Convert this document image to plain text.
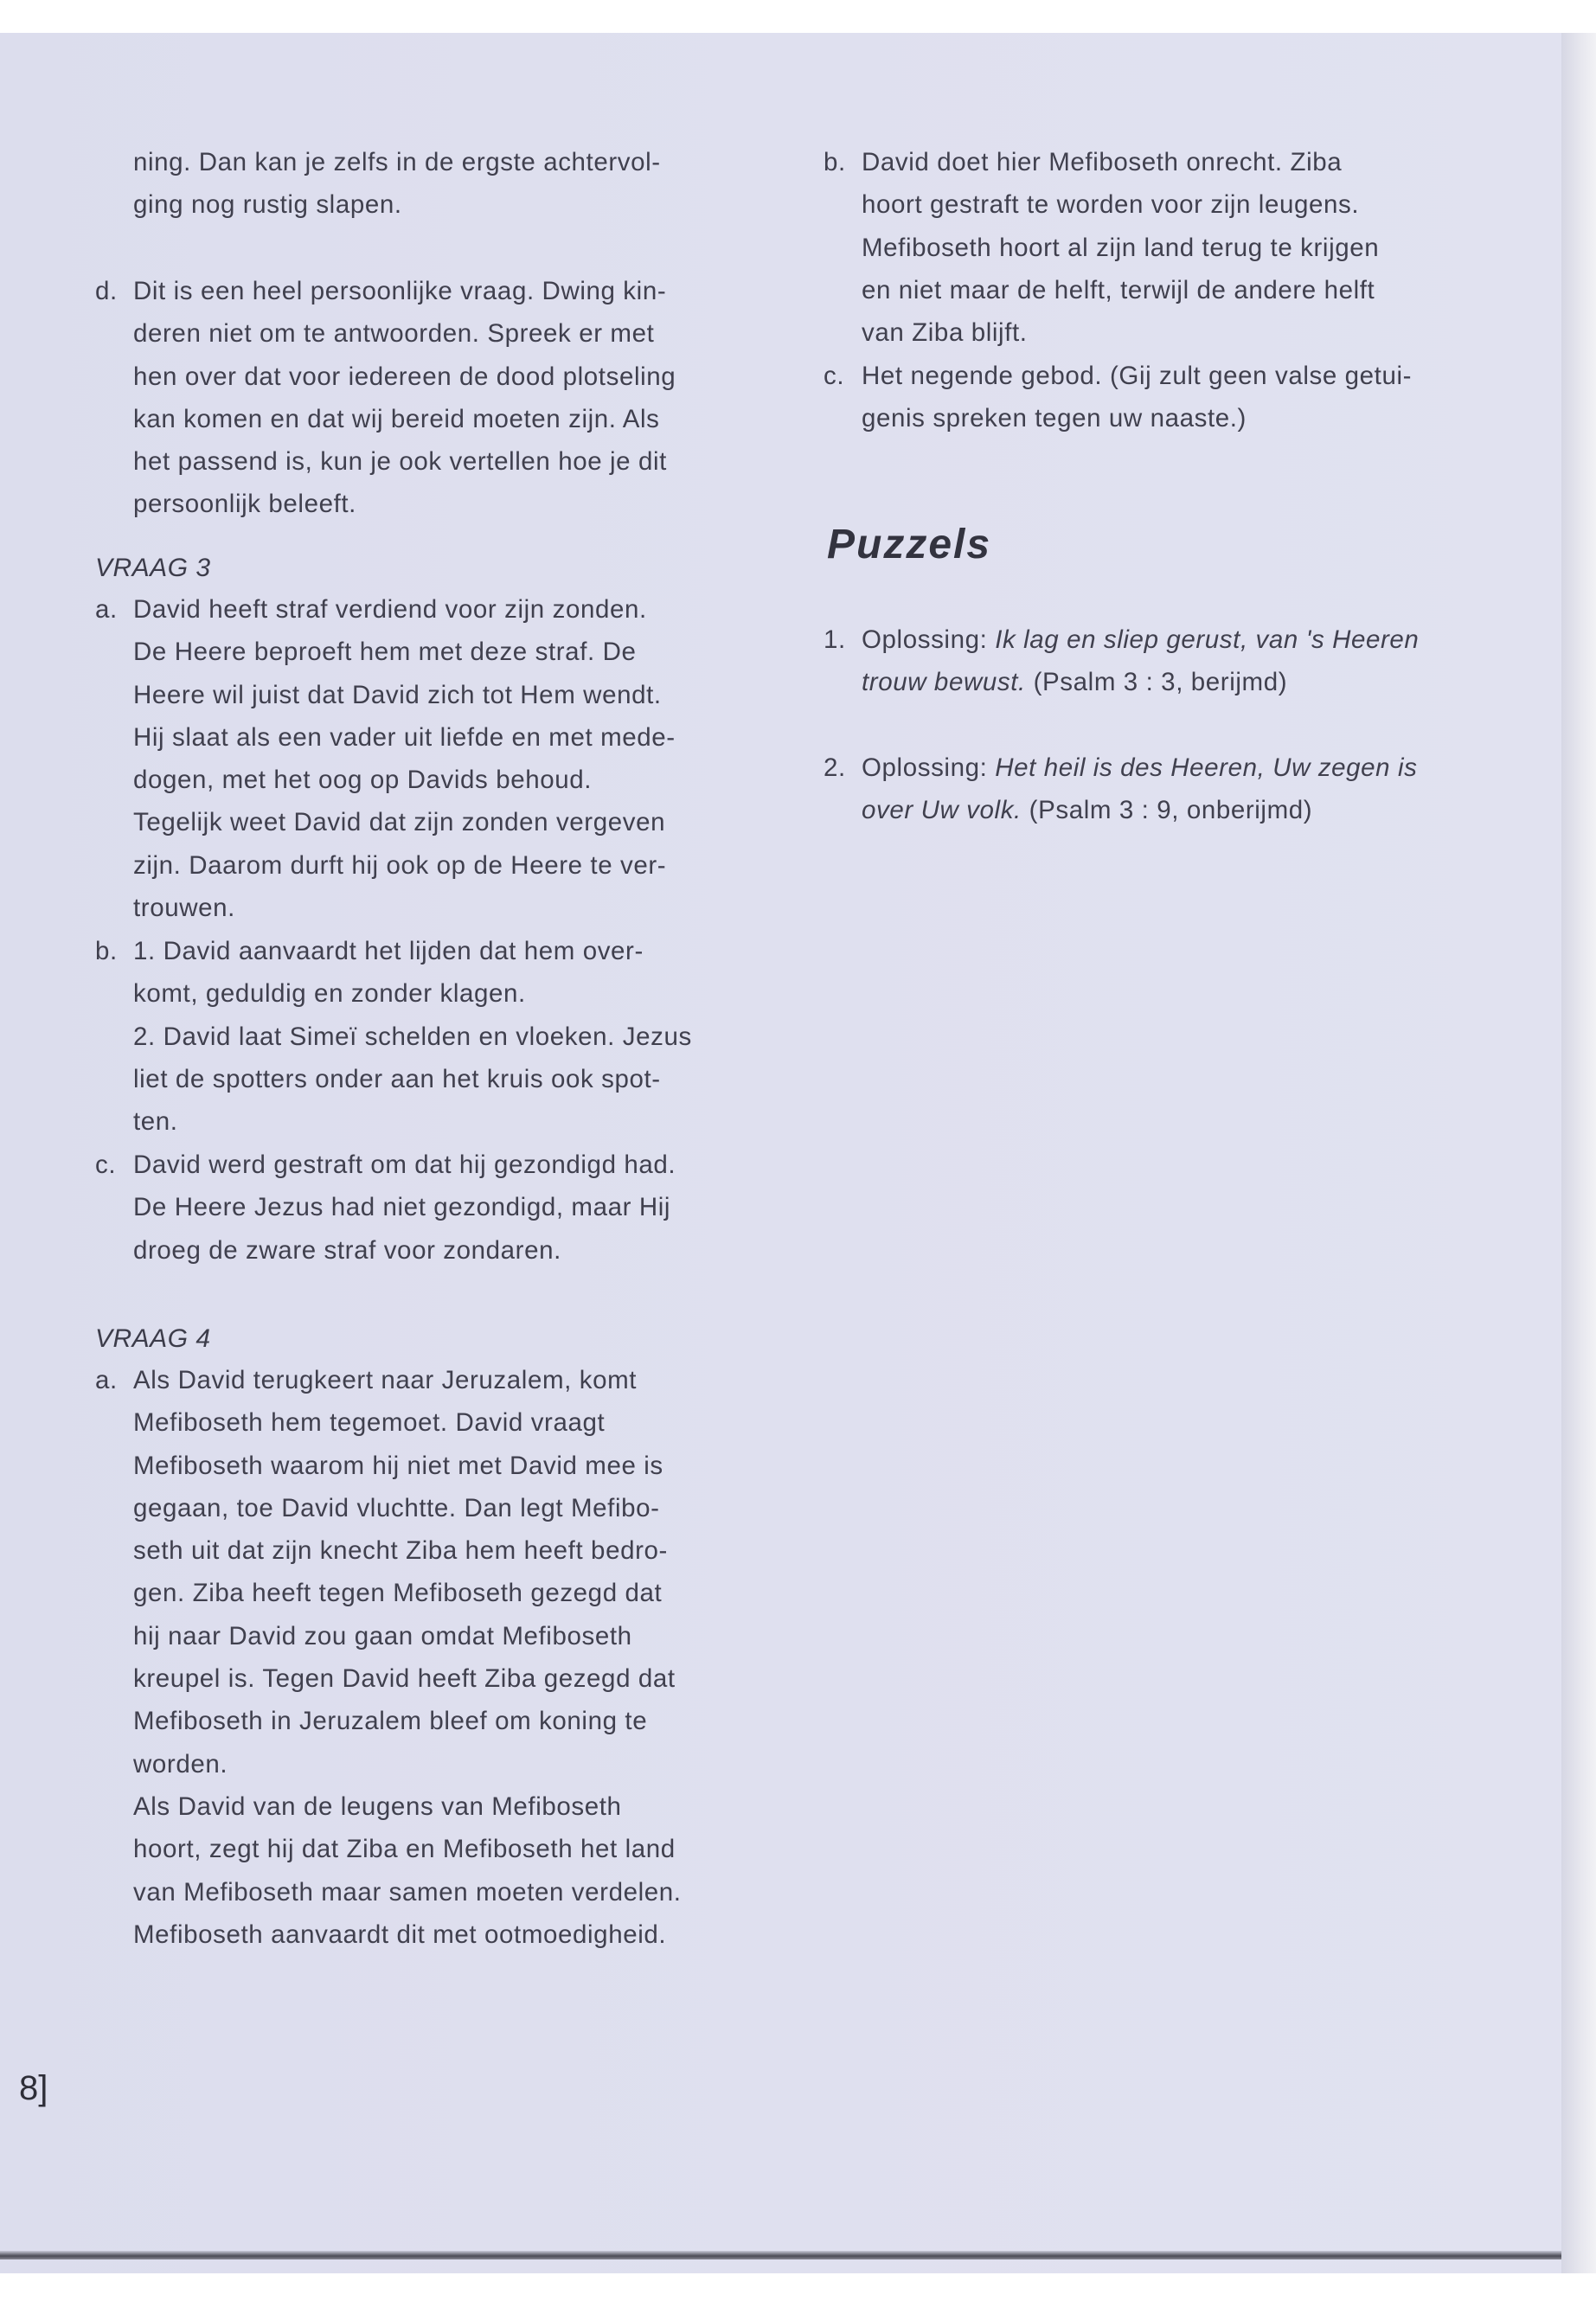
ning. Dan kan je zelfs in de ergste achtervol-
ging nog rustig slapen.
d. Dit is een heel persoonlijke vraag. Dwing kin-
deren niet om te antwoorden. Spreek er met
hen over dat voor iedereen de dood plotseling
kan komen en dat wij bereid moeten zijn. Als
het passend is, kun je ook vertellen hoe je dit
persoonlijk beleeft.
VRAAG 3
a. David heeft straf verdiend voor zijn zonden.
De Heere beproeft hem met deze straf. De
Heere wil juist dat David zich tot Hem wendt.
Hij slaat als een vader uit liefde en met mede-
dogen, met het oog op Davids behoud.
Tegelijk weet David dat zijn zonden vergeven
zijn. Daarom durft hij ook op de Heere te ver-
trouwen.
b. 1. David aanvaardt het lijden dat hem over-
komt, geduldig en zonder klagen.
2. David laat Simeï schelden en vloeken. Jezus
liet de spotters onder aan het kruis ook spot-
ten.
c. David werd gestraft om dat hij gezondigd had.
De Heere Jezus had niet gezondigd, maar Hij
droeg de zware straf voor zondaren.
VRAAG 4
a. Als David terugkeert naar Jeruzalem, komt
Mefiboseth hem tegemoet. David vraagt
Mefiboseth waarom hij niet met David mee is
gegaan, toe David vluchtte. Dan legt Mefibo-
seth uit dat zijn knecht Ziba hem heeft bedro-
gen. Ziba heeft tegen Mefiboseth gezegd dat
hij naar David zou gaan omdat Mefiboseth
kreupel is. Tegen David heeft Ziba gezegd dat
Mefiboseth in Jeruzalem bleef om koning te
worden.
Als David van de leugens van Mefiboseth
hoort, zegt hij dat Ziba en Mefiboseth het land
van Mefiboseth maar samen moeten verdelen.
Mefiboseth aanvaardt dit met ootmoedigheid.
b. David doet hier Mefiboseth onrecht. Ziba
hoort gestraft te worden voor zijn leugens.
Mefiboseth hoort al zijn land terug te krijgen
en niet maar de helft, terwijl de andere helft
van Ziba blijft.
c. Het negende gebod. (Gij zult geen valse getui-
genis spreken tegen uw naaste.)
Puzzels
1. Oplossing: Ik lag en sliep gerust, van 's Heeren
trouw bewust. (Psalm 3 : 3, berijmd)
2. Oplossing: Het heil is des Heeren, Uw zegen is
over Uw volk. (Psalm 3 : 9, onberijmd)
8]
